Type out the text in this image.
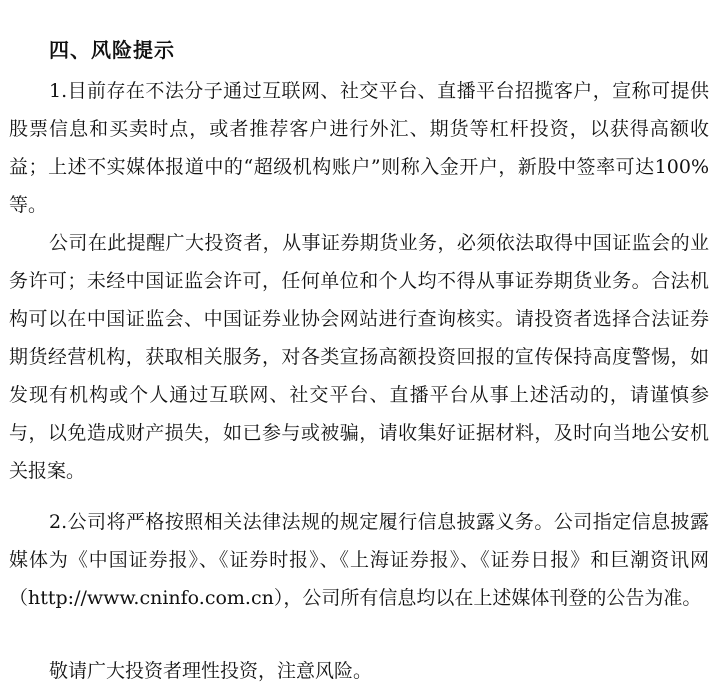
四、风险提示

1.目前存在不法分子通过互联网、社交平台、直播平台招揽客户，宣称可提供股票信息和买卖时点，或者推荐客户进行外汇、期货等杠杆投资，以获得高额收益；上述不实媒体报道中的“超级机构账户”则称入金开户，新股中签率可达100%等。

公司在此提醒广大投资者，从事证券期货业务，必须依法取得中国证监会的业务许可；未经中国证监会许可，任何单位和个人均不得从事证券期货业务。合法机构可以在中国证监会、中国证券业协会网站进行查询核实。请投资者选择合法证券期货经营机构，获取相关服务，对各类宣扬高额投资回报的宣传保持高度警惕，如发现有机构或个人通过互联网、社交平台、直播平台从事上述活动的，请谨慎参与，以免造成财产损失，如已参与或被骗，请收集好证据材料，及时向当地公安机关报案。

2.公司将严格按照相关法律法规的规定履行信息披露义务。公司指定信息披露媒体为《中国证券报》、《证券时报》、《上海证券报》、《证券日报》和巨潮资讯网（http://www.cninfo.com.cn），公司所有信息均以在上述媒体刊登的公告为准。

敬请广大投资者理性投资，注意风险。
